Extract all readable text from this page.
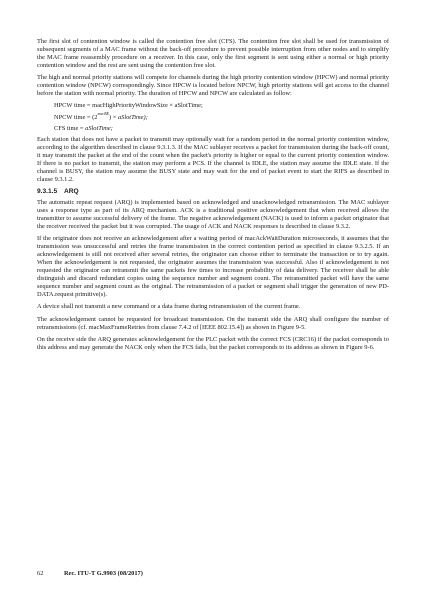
The first slot of contention window is called the contention free slot (CFS). The contention free slot shall be used for transmission of subsequent segments of a MAC frame without the back-off procedure to prevent possible interruption from other nodes and to simplify the MAC frame reassembly procedure on a receiver. In this case, only the first segment is sent using either a normal or high priority contention window and the rest are sent using the contention free slot.

The high and normal priority stations will compete for channels during the high priority contention window (HPCW) and normal priority contention window (NPCW) correspondingly. Since HPCW is located before NPCW, high priority stations will get access to the channel before the station with normal priority. The duration of HPCW and NPCW are calculated as follow:

HPCW time = macHighPriorityWindowSize × aSlotTime;
NPCW time = $(2^{macBE})$ × aSlotTime);
CFS time = aSlotTime;

Each station that does not have a packet to transmit may optionally wait for a random period in the normal priority contention window, according to the algorithm described in clause 9.3.1.3. If the MAC sublayer receives a packet for transmission during the back-off count, it may transmit the packet at the end of the count when the packet's priority is higher or equal to the current priority contention window. If there is no packet to transmit, the station may perform a PCS. If the channel is IDLE, the station may assume the IDLE state. If the channel is BUSY, the station may assume the BUSY state and may wait for the end of packet event to start the RIFS as described in clause 9.3.1.2.

9.3.1.5 ARQ

The automatic repeat request (ARQ) is implemented based on acknowledged and unacknowledged retransmission. The MAC sublayer uses a response type as part of its ARQ mechanism. ACK is a traditional positive acknowledgement that when received allows the transmitter to assume successful delivery of the frame. The negative acknowledgement (NACK) is used to inform a packet originator that the receiver received the packet but it was corrupted. The usage of ACK and NACK responses is described in clause 9.3.2.

If the originator does not receive an acknowledgement after a waiting period of macAckWaitDuration microseconds, it assumes that the transmission was unsuccessful and retries the frame transmission in the correct contention period as specified in clause 9.3.2.5. If an acknowledgement is still not received after several retries, the originator can choose either to terminate the transaction or to try again. When the acknowledgement is not requested, the originator assumes the transmission was successful. Also if acknowledgement is not requested the originator can retransmit the same packets few times to increase probability of data delivery. The receiver shall be able distinguish and discard redundant copies using the sequence number and segment count. The retransmitted packet will have the same sequence number and segment count as the original. The retransmission of a packet or segment shall trigger the generation of new PD-DATA.request primitive(s).

A device shall not transmit a new command or a data frame during retransmission of the current frame.

The acknowledgement cannot be requested for broadcast transmission. On the transmit side the ARQ shall configure the number of retransmissions (cf. macMaxFrameRetries from clause 7.4.2 of [IEEE 802.15.4]) as shown in Figure 9-5.

On the receive side the ARQ generates acknowledgement for the PLC packet with the correct FCS (CRC16) if the packet corresponds to this address and may generate the NACK only when the FCS fails, but the packet corresponds to its address as shown in Figure 9-6.

62	Rec. ITU-T G.9903 (08/2017)
